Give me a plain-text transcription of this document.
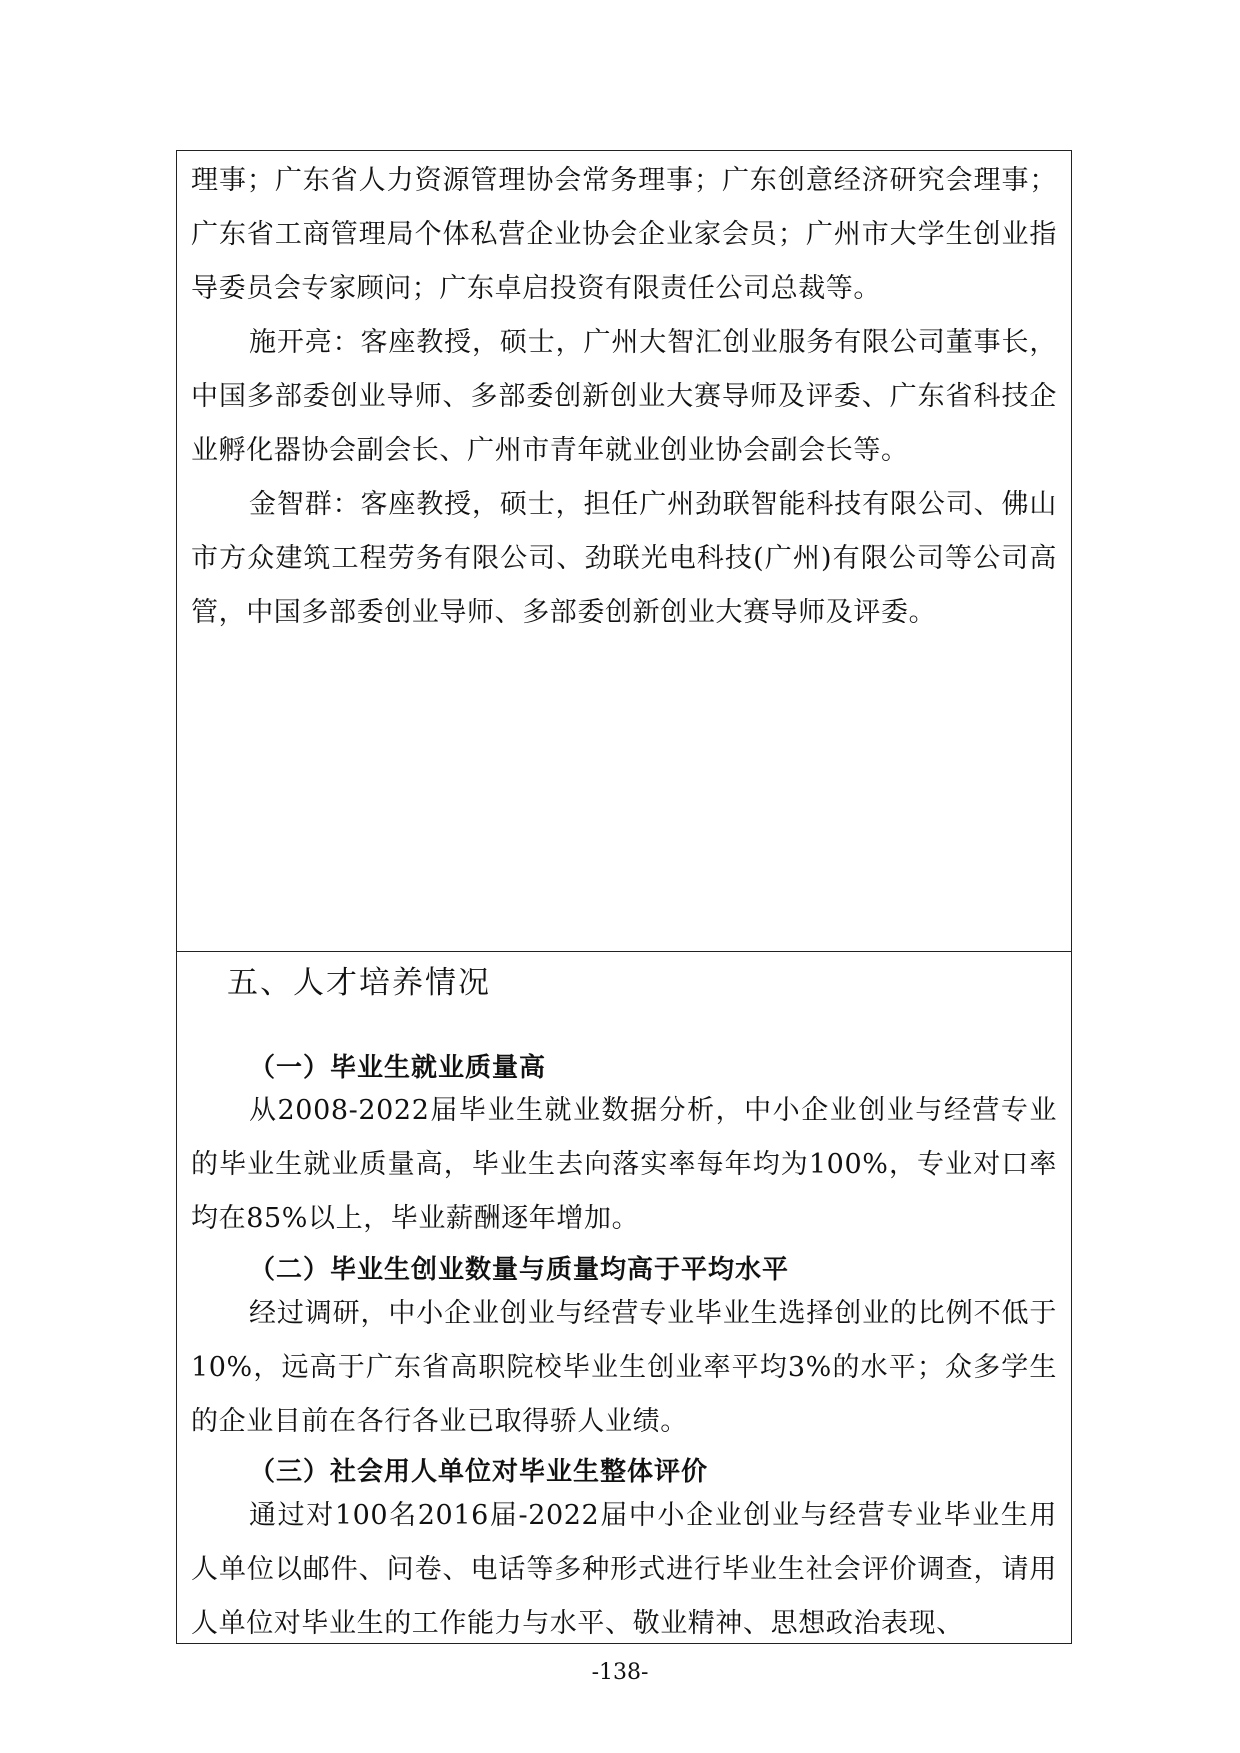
理事；广东省人力资源管理协会常务理事；广东创意经济研究会理事；广东省工商管理局个体私营企业协会企业家会员；广州市大学生创业指导委员会专家顾问；广东卓启投资有限责任公司总裁等。

施开亮：客座教授，硕士，广州大智汇创业服务有限公司董事长，中国多部委创业导师、多部委创新创业大赛导师及评委、广东省科技企业孵化器协会副会长、广州市青年就业创业协会副会长等。

金智群：客座教授，硕士，担任广州劲联智能科技有限公司、佛山市方众建筑工程劳务有限公司、劲联光电科技(广州)有限公司等公司高管，中国多部委创业导师、多部委创新创业大赛导师及评委。

五、人才培养情况
（一）毕业生就业质量高

从2008-2022届毕业生就业数据分析，中小企业创业与经营专业的毕业生就业质量高，毕业生去向落实率每年均为100%，专业对口率均在85%以上，毕业薪酬逐年增加。

（二）毕业生创业数量与质量均高于平均水平

经过调研，中小企业创业与经营专业毕业生选择创业的比例不低于10%，远高于广东省高职院校毕业生创业率平均3%的水平；众多学生的企业目前在各行各业已取得骄人业绩。

（三）社会用人单位对毕业生整体评价

通过对100名2016届-2022届中小企业创业与经营专业毕业生用人单位以邮件、问卷、电话等多种形式进行毕业生社会评价调查，请用人单位对毕业生的工作能力与水平、敬业精神、思想政治表现、

-138-
